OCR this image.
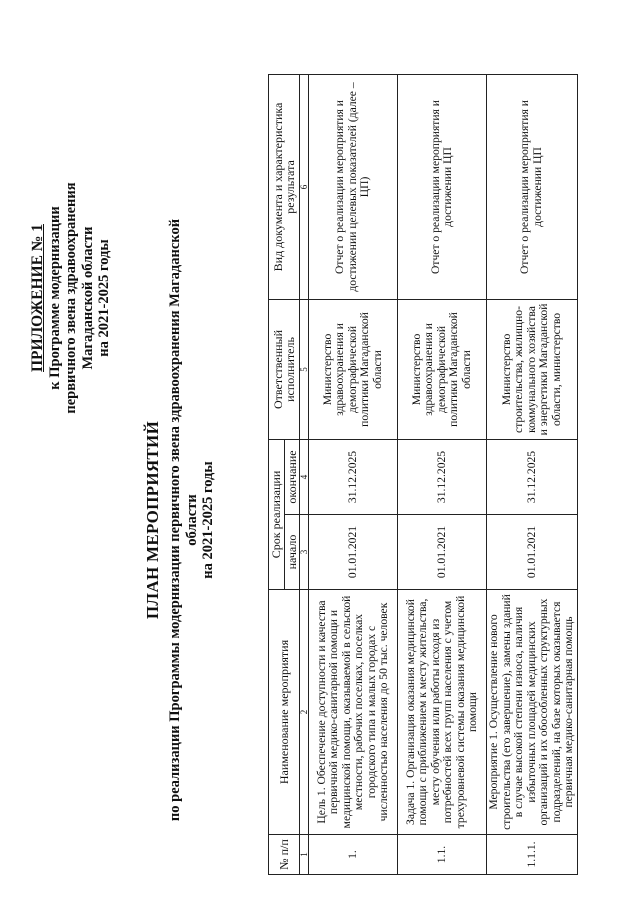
ПРИЛОЖЕНИЕ № 1 к Программе модернизации первичного звена здравоохранения Магаданской области на 2021-2025 годы
ПЛАН МЕРОПРИЯТИЙ по реализации Программы модернизации первичного звена здравоохранения Магаданской области на 2021-2025 годы
№ п/п	Наименование мероприятия	Срок реализации		Ответственный исполнитель	Вид документа и характеристика результата
		начало	окончание		
1	2	3	4	5	6
1.	Цель 1. Обеспечение доступности и качества первичной медико-санитарной помощи и медицинской помощи, оказываемой в сельской местности, рабочих поселках, поселках городского типа и малых городах с численностью населения до 50 тыс. человек	01.01.2021	31.12.2025	Министерство здравоохранения и демографической политики Магаданской области	Отчет о реализации мероприятия и достижении целевых показателей (далее – ЦП)
1.1.	Задача 1. Организация оказания медицинской помощи с приближением к месту жительства, месту обучения или работы исходя из потребностей всех групп населения с учетом трехуровневой системы оказания медицинской помощи	01.01.2021	31.12.2025	Министерство здравоохранения и демографической политики Магаданской области	Отчет о реализации мероприятия и достижении ЦП
1.1.1.	Мероприятие 1. Осуществление нового строительства (его завершение), замены зданий в случае высокой степени износа, наличия избыточных площадей медицинских организаций и их обособленных структурных подразделений, на базе которых оказывается первичная медико-санитарная помощь	01.01.2021	31.12.2025	Министерство строительства, жилищно-коммунального хозяйства и энергетики Магаданской области, министерство	Отчет о реализации мероприятия и достижении ЦП
